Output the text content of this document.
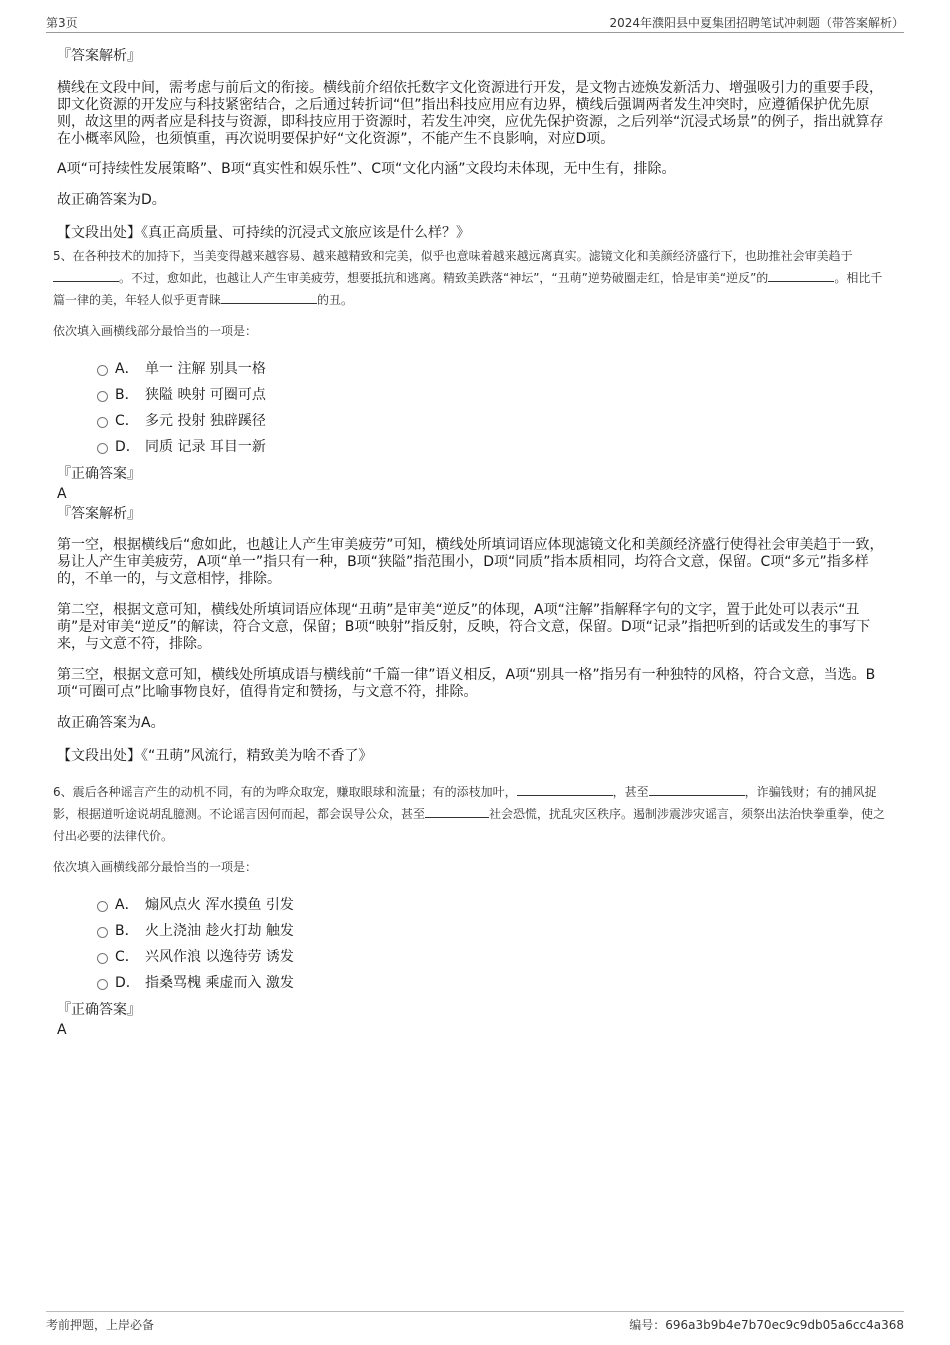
第3页	2024年濮阳县中夏集团招聘笔试冲刺题（带答案解析）

『答案解析』

横线在文段中间，需考虑与前后文的衔接。横线前介绍依托数字文化资源进行开发，是文物古迹焕发新活力、增强吸引力的重要手段，即文化资源的开发应与科技紧密结合，之后通过转折词“但”指出科技应用应有边界，横线后强调两者发生冲突时，应遵循保护优先原则，故这里的两者应是科技与资源，即科技应用于资源时，若发生冲突，应优先保护资源，之后列举“沉浸式场景”的例子，指出就算存在小概率风险，也须慎重，再次说明要保护好“文化资源”，不能产生不良影响，对应D项。

A项“可持续性发展策略”、B项“真实性和娱乐性”、C项“文化内涵”文段均未体现，无中生有，排除。

故正确答案为D。

【文段出处】《真正高质量、可持续的沉浸式文旅应该是什么样？》

5、在各种技术的加持下，当美变得越来越容易、越来越精致和完美，似乎也意味着越来越远离真实。滤镜文化和美颜经济盛行下，也助推社会审美趋于。不过，愈如此，也越让人产生审美疲劳，想要抵抗和逃离。精致美跌落“神坛”，“丑萌”逆势破圈走红，恰是审美“逆反”的	。相比千篇一律的美，年轻人似乎更青睐	的丑。

依次填入画横线部分最恰当的一项是：

A． 单一 注解 别具一格
B． 狭隘 映射 可圈可点
C． 多元 投射 独辟蹊径
D． 同质 记录 耳目一新

『正确答案』

A

『答案解析』

第一空，根据横线后“愈如此，也越让人产生审美疲劳”可知，横线处所填词语应体现滤镜文化和美颜经济盛行使得社会审美趋于一致，易让人产生审美疲劳，A项“单一”指只有一种，B项“狭隘”指范围小，D项“同质”指本质相同，均符合文意，保留。C项“多元”指多样的，不单一的，与文意相悖，排除。

第二空，根据文意可知，横线处所填词语应体现“丑萌”是审美“逆反”的体现，A项“注解”指解释字句的文字，置于此处可以表示“丑萌”是对审美“逆反”的解读，符合文意，保留；B项“映射”指反射，反映，符合文意，保留。D项“记录”指把听到的话或发生的事写下来，与文意不符，排除。

第三空，根据文意可知，横线处所填成语与横线前“千篇一律”语义相反，A项“别具一格”指另有一种独特的风格，符合文意，当选。B项“可圈可点”比喻事物良好，值得肯定和赞扬，与文意不符，排除。

故正确答案为A。

【文段出处】《“丑萌”风流行，精致美为啥不香了》

6、震后各种谣言产生的动机不同，有的为哗众取宠，赚取眼球和流量；有的添枝加叶，	，甚至	，诈骗钱财；有的捕风捉影，根据道听途说胡乱臆测。不论谣言因何而起，都会误导公众，甚至	社会恐慌，扰乱灾区秩序。遏制涉震涉灾谣言，须祭出法治快拳重拳，使之付出必要的法律代价。

依次填入画横线部分最恰当的一项是：

A． 煽风点火 浑水摸鱼 引发
B． 火上浇油 趁火打劫 触发
C． 兴风作浪 以逸待劳 诱发
D． 指桑骂槐 乘虚而入 激发

『正确答案』

A

考前押题，上岸必备	编号：696a3b9b4e7b70ec9c9db05a6cc4a368
